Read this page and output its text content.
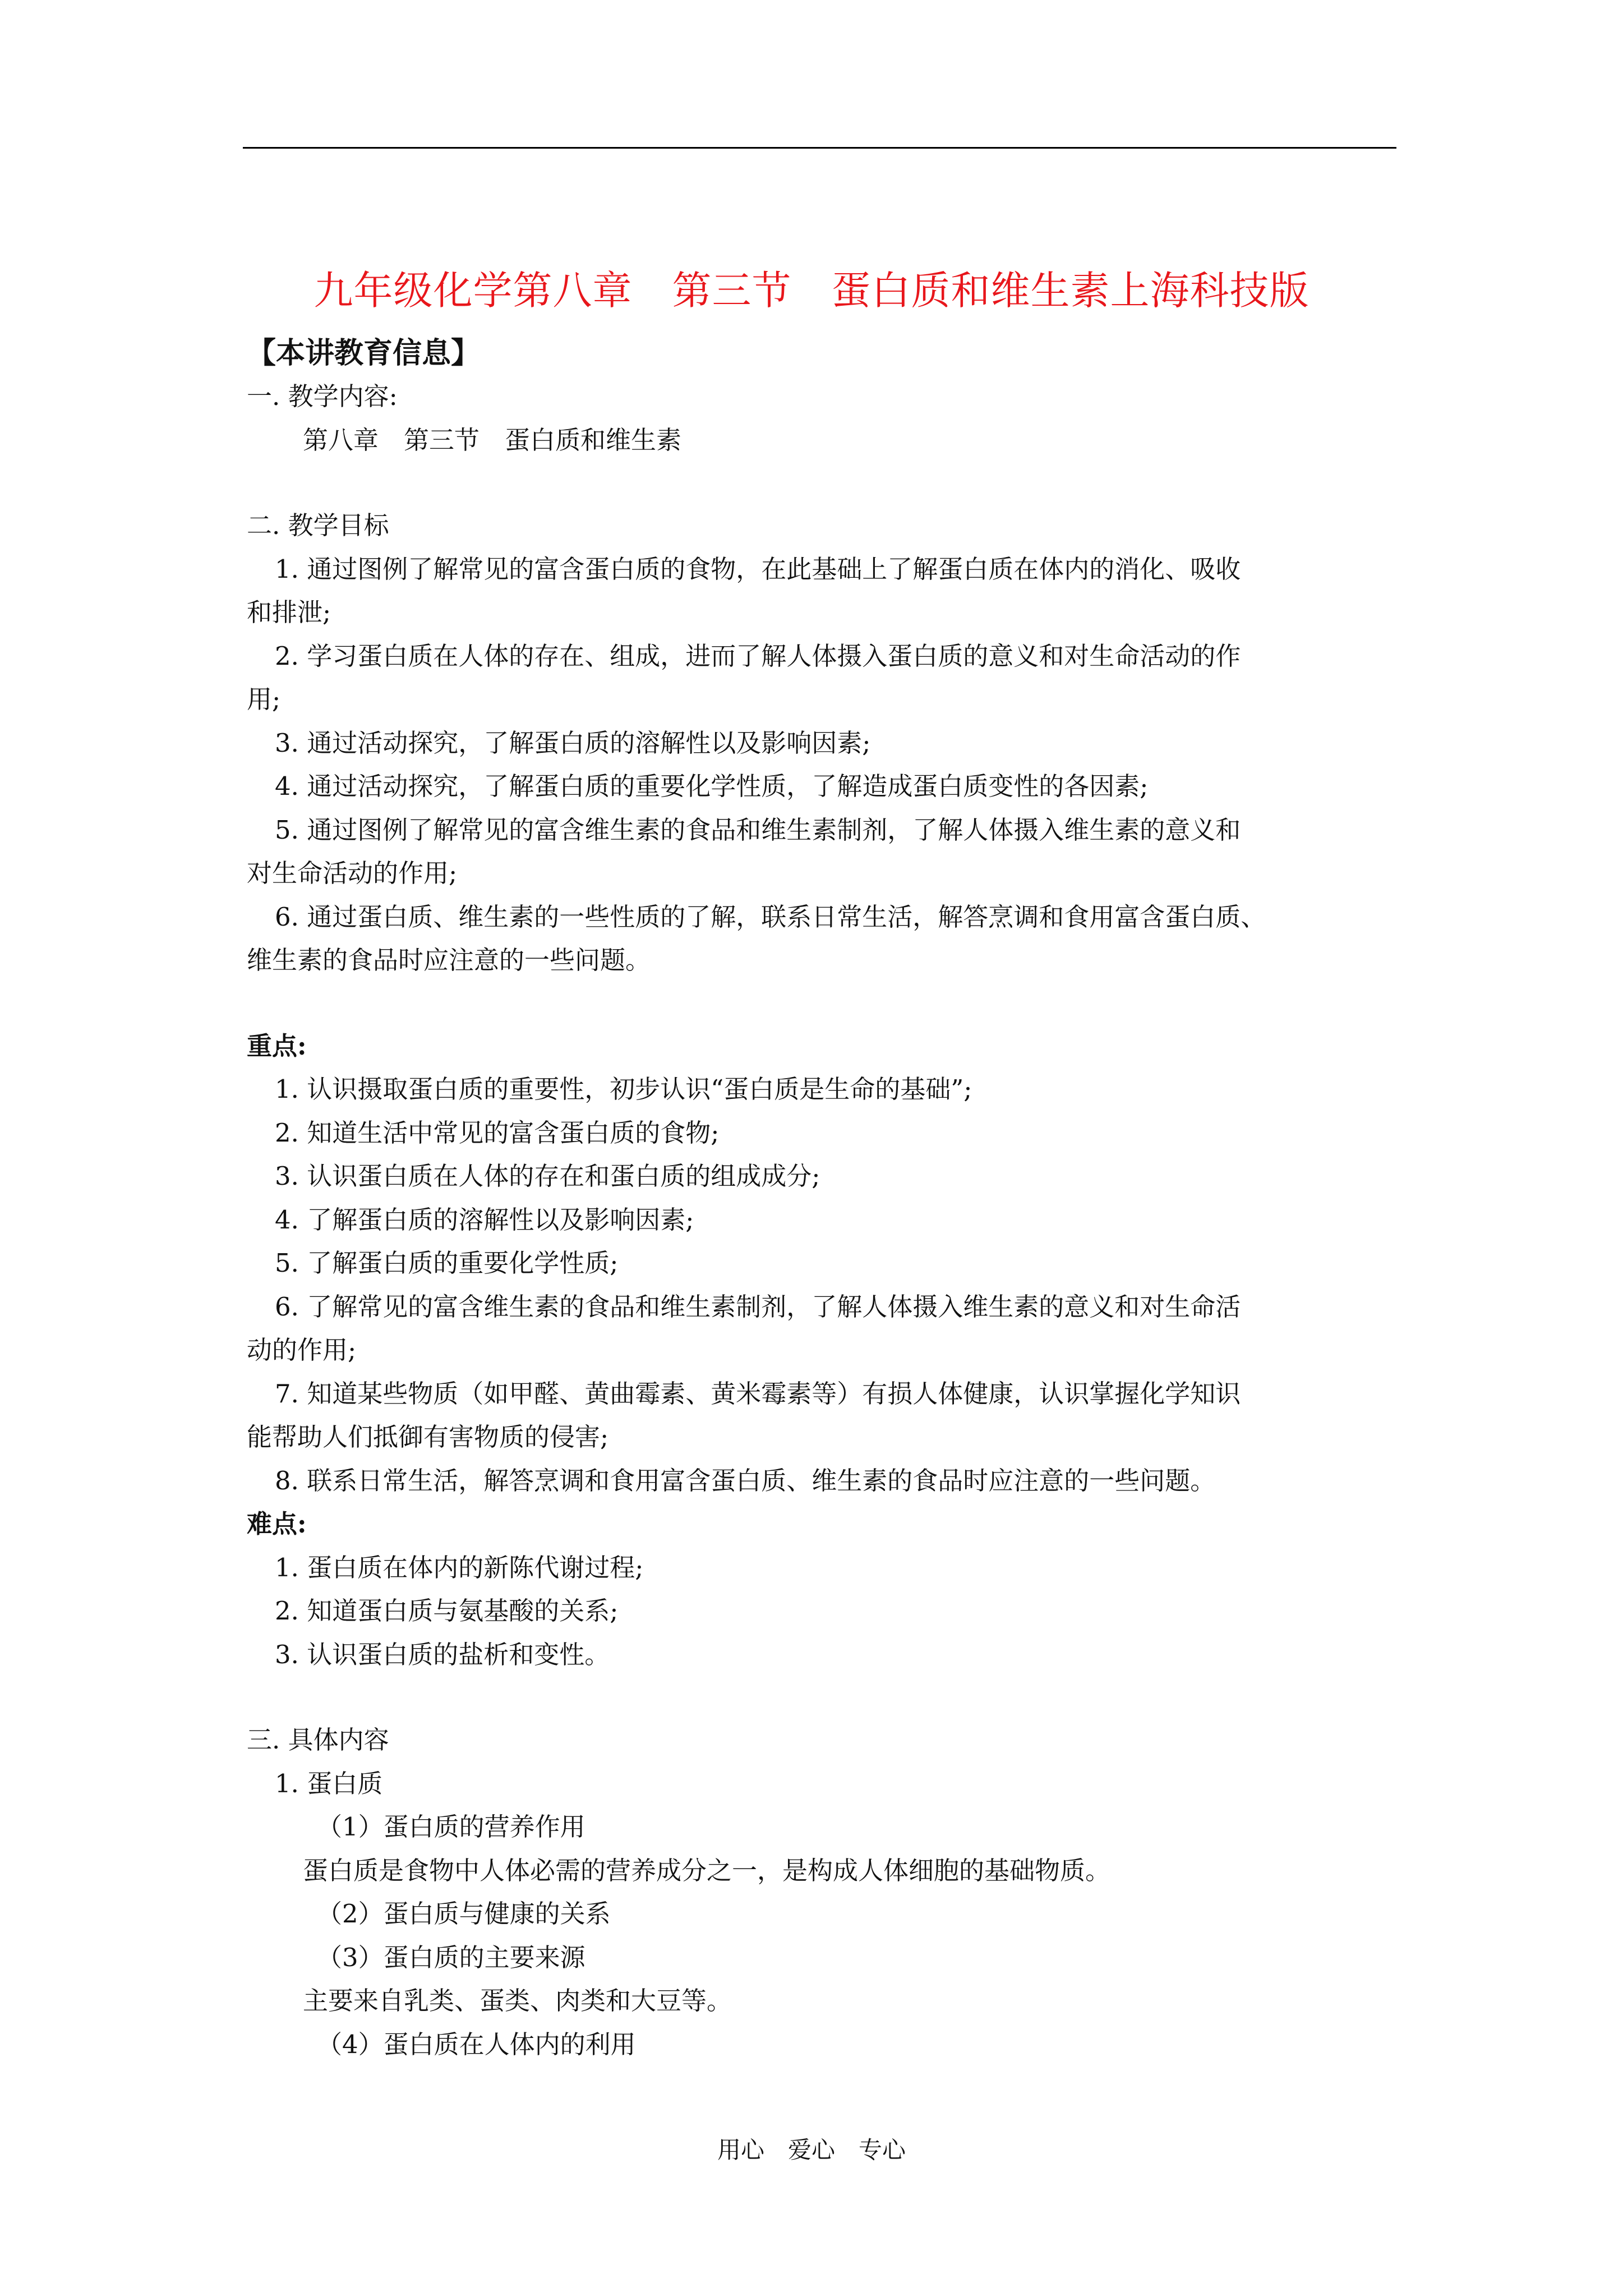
九年级化学第八章　第三节　蛋白质和维生素上海科技版
【本讲教育信息】
一. 教学内容:
第八章　第三节　蛋白质和维生素
二. 教学目标
1. 通过图例了解常见的富含蛋白质的食物，在此基础上了解蛋白质在体内的消化、吸收
和排泄;
2. 学习蛋白质在人体的存在、组成，进而了解人体摄入蛋白质的意义和对生命活动的作
用;
3. 通过活动探究，了解蛋白质的溶解性以及影响因素;
4. 通过活动探究，了解蛋白质的重要化学性质，了解造成蛋白质变性的各因素;
5. 通过图例了解常见的富含维生素的食品和维生素制剂，了解人体摄入维生素的意义和
对生命活动的作用;
6. 通过蛋白质、维生素的一些性质的了解，联系日常生活，解答烹调和食用富含蛋白质、
维生素的食品时应注意的一些问题。
重点:
1. 认识摄取蛋白质的重要性，初步认识“蛋白质是生命的基础”;
2. 知道生活中常见的富含蛋白质的食物;
3. 认识蛋白质在人体的存在和蛋白质的组成成分;
4. 了解蛋白质的溶解性以及影响因素;
5. 了解蛋白质的重要化学性质;
6. 了解常见的富含维生素的食品和维生素制剂，了解人体摄入维生素的意义和对生命活
动的作用;
7. 知道某些物质（如甲醛、黄曲霉素、黄米霉素等）有损人体健康，认识掌握化学知识
能帮助人们抵御有害物质的侵害;
8. 联系日常生活，解答烹调和食用富含蛋白质、维生素的食品时应注意的一些问题。
难点:
1. 蛋白质在体内的新陈代谢过程;
2. 知道蛋白质与氨基酸的关系;
3. 认识蛋白质的盐析和变性。
三. 具体内容
1. 蛋白质
（1）蛋白质的营养作用
蛋白质是食物中人体必需的营养成分之一，是构成人体细胞的基础物质。
（2）蛋白质与健康的关系
（3）蛋白质的主要来源
主要来自乳类、蛋类、肉类和大豆等。
（4）蛋白质在人体内的利用
用心　爱心　专心
